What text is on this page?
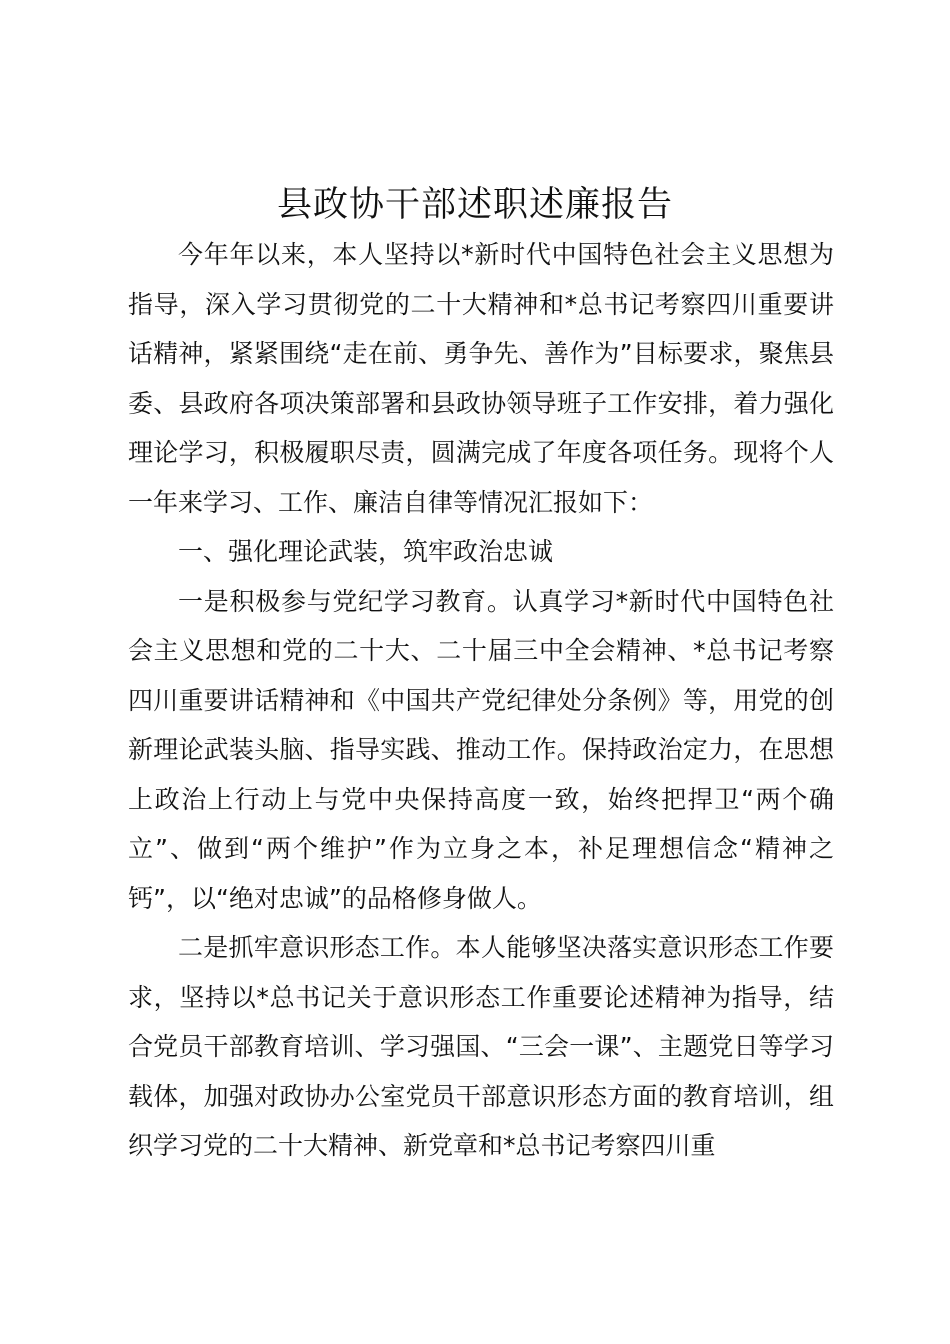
县政协干部述职述廉报告

今年年以来，本人坚持以*新时代中国特色社会主义思想为指导，深入学习贯彻党的二十大精神和*总书记考察四川重要讲话精神，紧紧围绕“走在前、勇争先、善作为”目标要求，聚焦县委、县政府各项决策部署和县政协领导班子工作安排，着力强化理论学习，积极履职尽责，圆满完成了年度各项任务。现将个人一年来学习、工作、廉洁自律等情况汇报如下：

一、强化理论武装，筑牢政治忠诚

一是积极参与党纪学习教育。认真学习*新时代中国特色社会主义思想和党的二十大、二十届三中全会精神、*总书记考察四川重要讲话精神和《中国共产党纪律处分条例》等，用党的创新理论武装头脑、指导实践、推动工作。保持政治定力，在思想上政治上行动上与党中央保持高度一致，始终把捍卫“两个确立”、做到“两个维护”作为立身之本，补足理想信念“精神之钙”，以“绝对忠诚”的品格修身做人。

二是抓牢意识形态工作。本人能够坚决落实意识形态工作要求，坚持以*总书记关于意识形态工作重要论述精神为指导，结合党员干部教育培训、学习强国、“三会一课”、主题党日等学习载体，加强对政协办公室党员干部意识形态方面的教育培训，组织学习党的二十大精神、新党章和*总书记考察四川重
